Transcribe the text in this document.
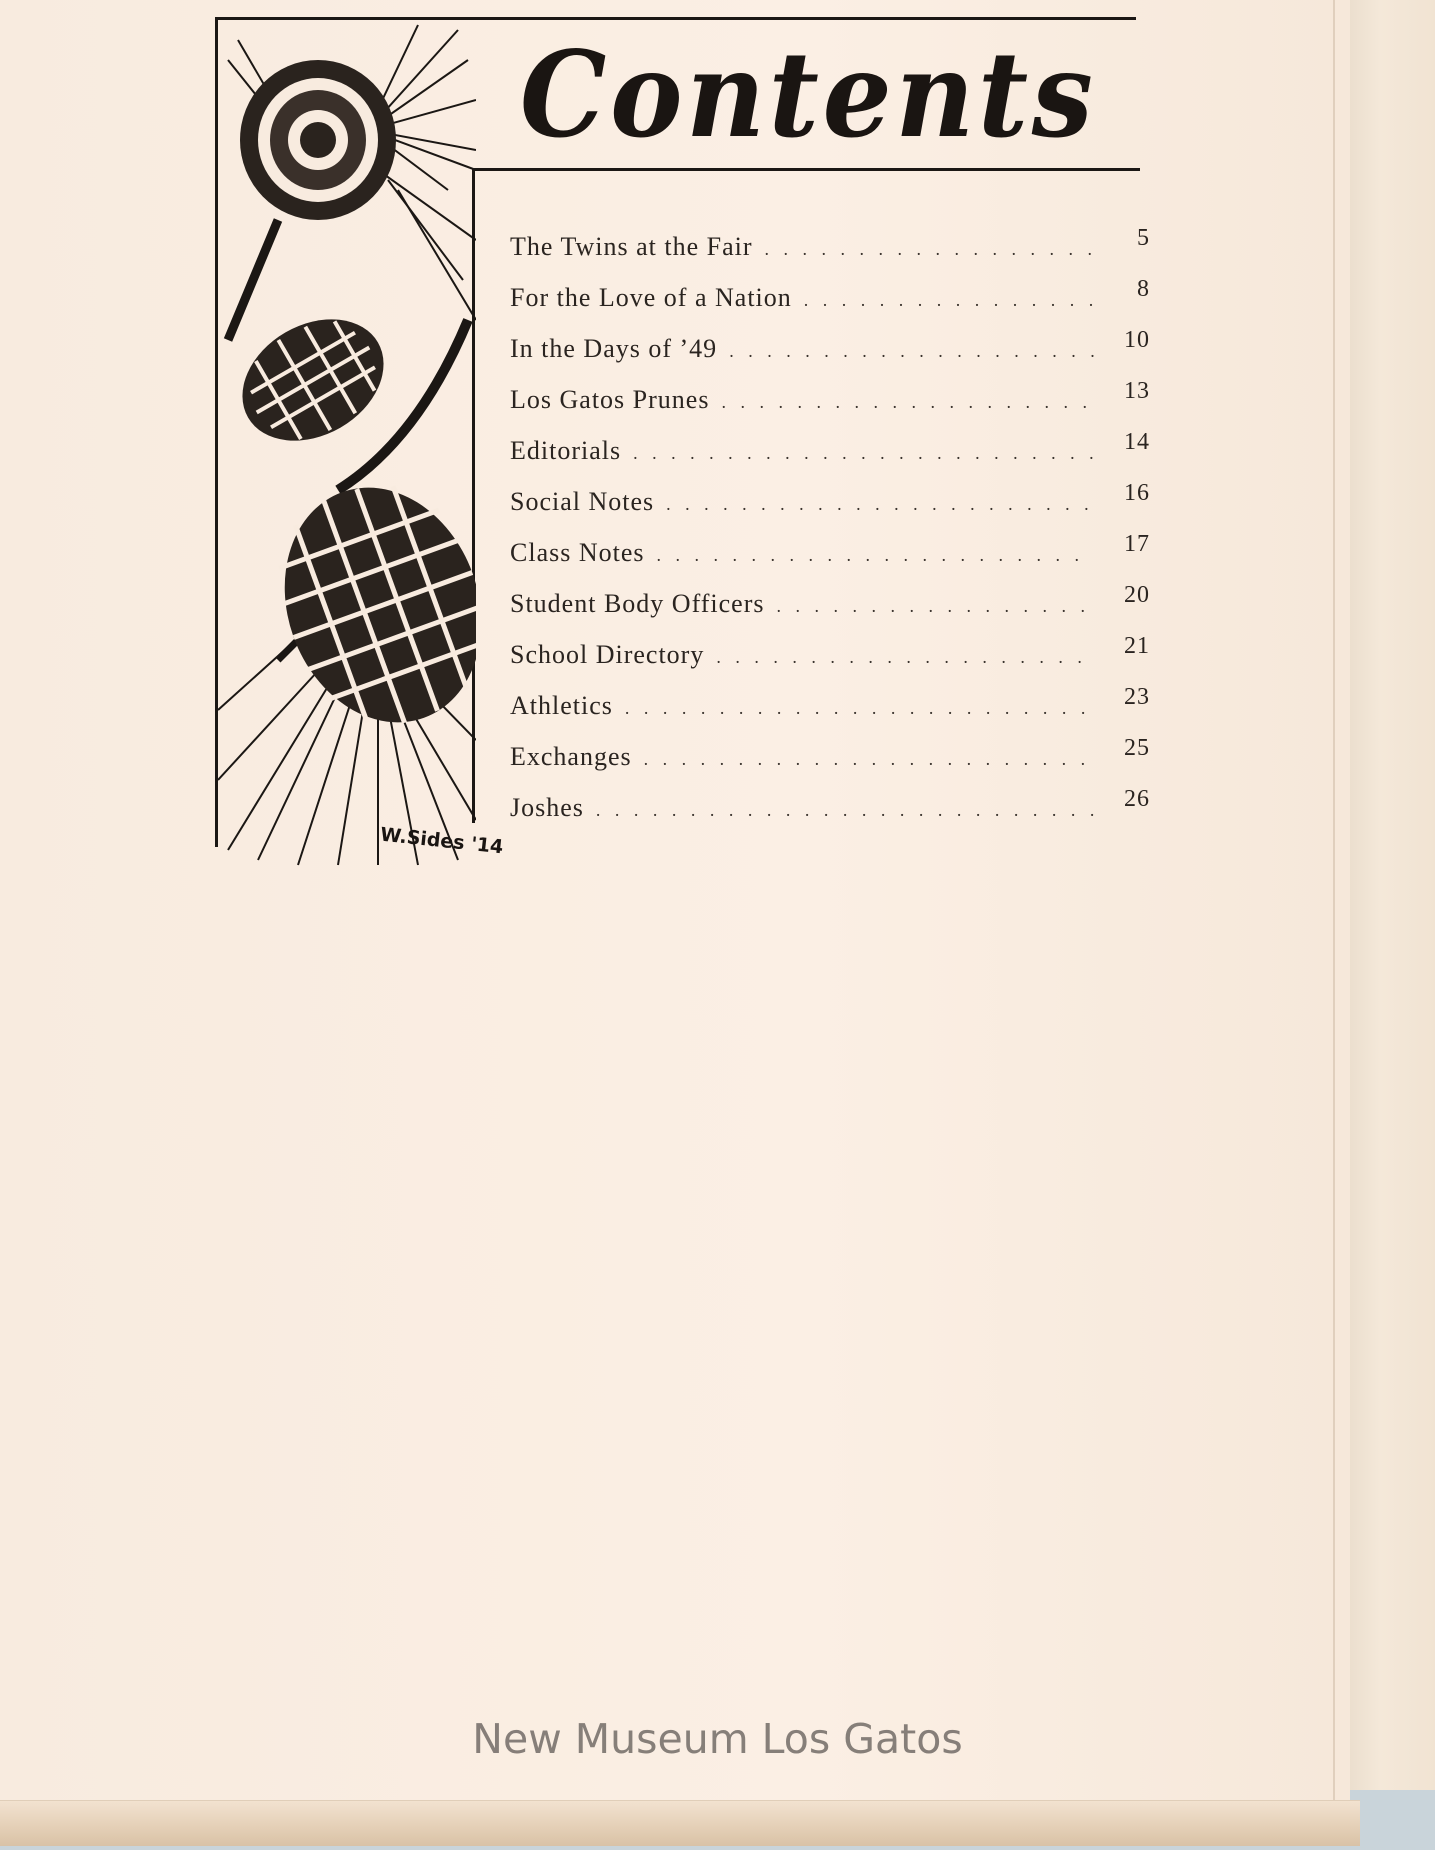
Contents
W.Sides '14
The Twins at the Fair . . .	5
For the Love of a Nation . . .	8
In the Days of ’49 . . .	10
Los Gatos Prunes . . .	13
Editorials . . .	14
Social Notes . . .	16
Class Notes . . .	17
Student Body Officers . . .	20
School Directory . . .	21
Athletics . . .	23
Exchanges . . .	25
Joshes . . .	26
New Museum Los Gatos
